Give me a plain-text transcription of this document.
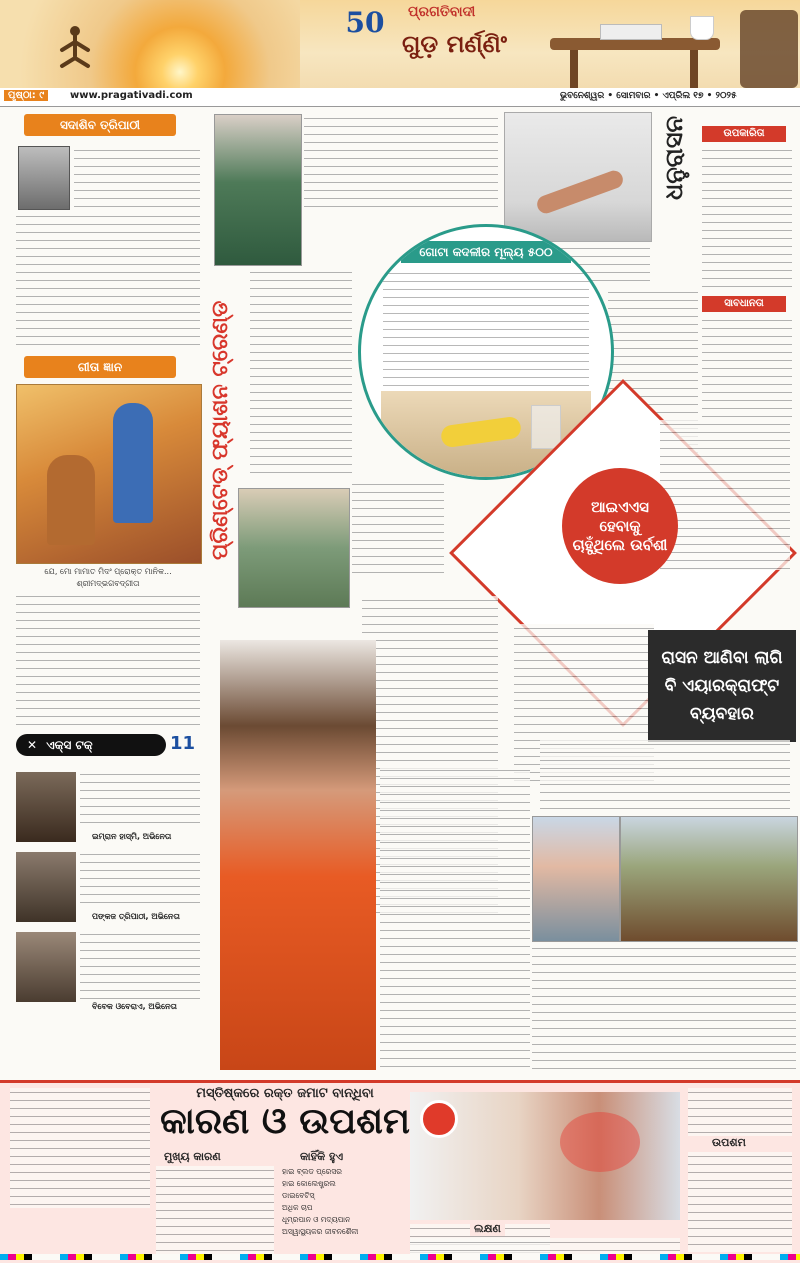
50	ପ୍ରଗତିବାଦୀ
ଗୁଡ଼ ମର୍ଣ୍ଣିଂ
ପୃଷ୍ଠା: ୯	www.pragativadi.com	ଭୁବନେଶ୍ୱର • ସୋମବାର • ଏପ୍ରିଲ ୧୭ • ୨୦୨୫
ସଦାଶିବ ତ୍ରିପାଠୀ
ଗୀତା ଜ୍ଞାନ
ଯେ, ମୋ ମାମାତ ମିଦଂ ପ୍ରୋକ୍ତ ମାନିକ...
ଶ୍ରୀମଦ୍‌ଭଗବଦ୍‌ଗୀତା
✕ ଏକ୍ସ ଟକ୍	11
ଇମ୍ରାନ ହାସ୍‌ମି, ଅଭିନେତା
ପଙ୍କଜ ତ୍ରିପାଠୀ, ଅଭିନେତା
ବିବେକ ଓବେରାଏ, ଅଭିନେତା
ପ୍ରିଣ୍ଟେଡ୍‌ ଫ୍ୟାଶନ ଟ୍ରେଣ୍ଡ
ଧନୁରାସନ	ଉପକାରିତା
ସାବଧାନତା
ଗୋଟା କଦଳୀର ମୂଲ୍ୟ ୫୦୦
ଆଇଏଏସ ହେବାକୁ ଚାହୁଁଥିଲେ ଉର୍ବଶୀ
ରାସନ ଆଣିବା ଲାଗି ବି ଏୟାରକ୍ରାଫ୍ଟ ବ୍ୟବହାର
ମସ୍ତିଷ୍କରେ ରକ୍ତ ଜମାଟ ବାନ୍ଧିବା
କାରଣ ଓ ଉପଶମ
ମୁଖ୍ୟ କାରଣ	କାହିଁକି ହୁଏ
ହାଇ ବ୍ଲଡ ପ୍ରେସର
ହାଇ କୋଲେଷ୍ଟ୍ରଲ
ଡାଇବେଟିସ୍
ଅଧିକ ଚାପ
ଧୂମ୍ରପାନ ଓ ମଦ୍ୟପାନ
ଅସ୍ୱାସ୍ଥ୍ୟକର ଜୀବନଶୈଳୀ	ଲକ୍ଷଣ
ଉପଶମ
